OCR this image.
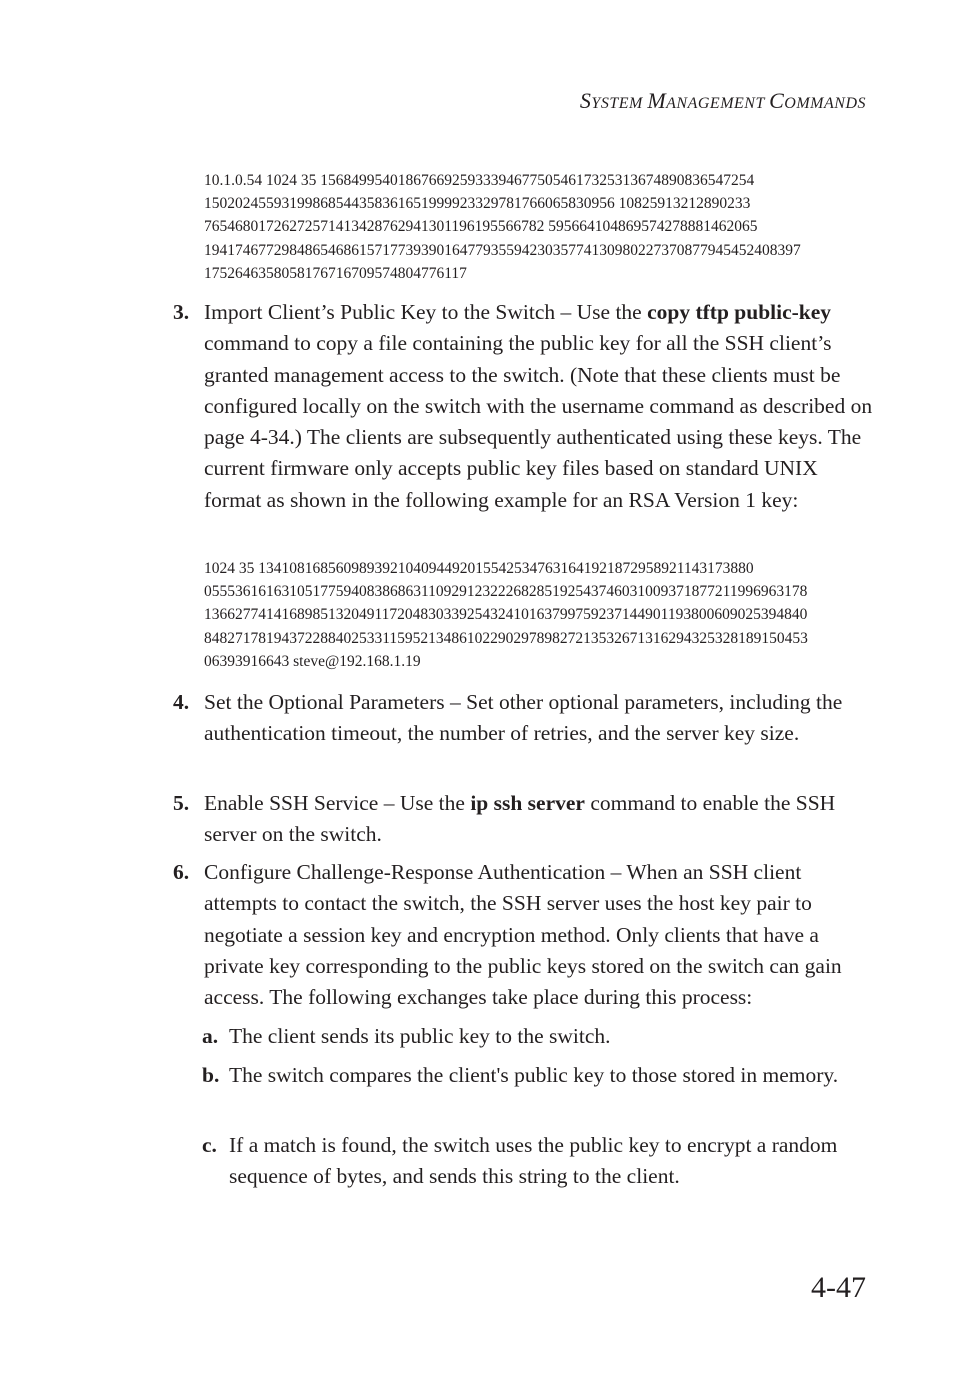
SYSTEM MANAGEMENT COMMANDS
10.1.0.54 1024 35 15684995401867669259333946775054617325313674890836547254
15020245593199868544358361651999923329781766065830956 10825913212890233
76546801726272571413428762941301196195566782 595664104869574278881462065
19417467729848654686157177393901647793559423035774130980227370877945452408397
1752646358058176716709574804776117
3. Import Client’s Public Key to the Switch – Use the copy tftp public-key command to copy a file containing the public key for all the SSH client’s granted management access to the switch. (Note that these clients must be configured locally on the switch with the username command as described on page 4-34.) The clients are subsequently authenticated using these keys. The current firmware only accepts public key files based on standard UNIX format as shown in the following example for an RSA Version 1 key:
1024 35 1341081685609893921040944920155425347631641921872958921143173880
055536161631051775940838686311092912322268285192543746031009371877211996963178
136627741416898513204911720483033925432410163799759237144901193800609025394840
848271781943722884025331159521348610229029789827213532671316294325328189150453
06393916643 steve@192.168.1.19
4. Set the Optional Parameters – Set other optional parameters, including the authentication timeout, the number of retries, and the server key size.
5. Enable SSH Service – Use the ip ssh server command to enable the SSH server on the switch.
6. Configure Challenge-Response Authentication – When an SSH client attempts to contact the switch, the SSH server uses the host key pair to negotiate a session key and encryption method. Only clients that have a private key corresponding to the public keys stored on the switch can gain access. The following exchanges take place during this process:
a. The client sends its public key to the switch.
b. The switch compares the client's public key to those stored in memory.
c. If a match is found, the switch uses the public key to encrypt a random sequence of bytes, and sends this string to the client.
4-47
